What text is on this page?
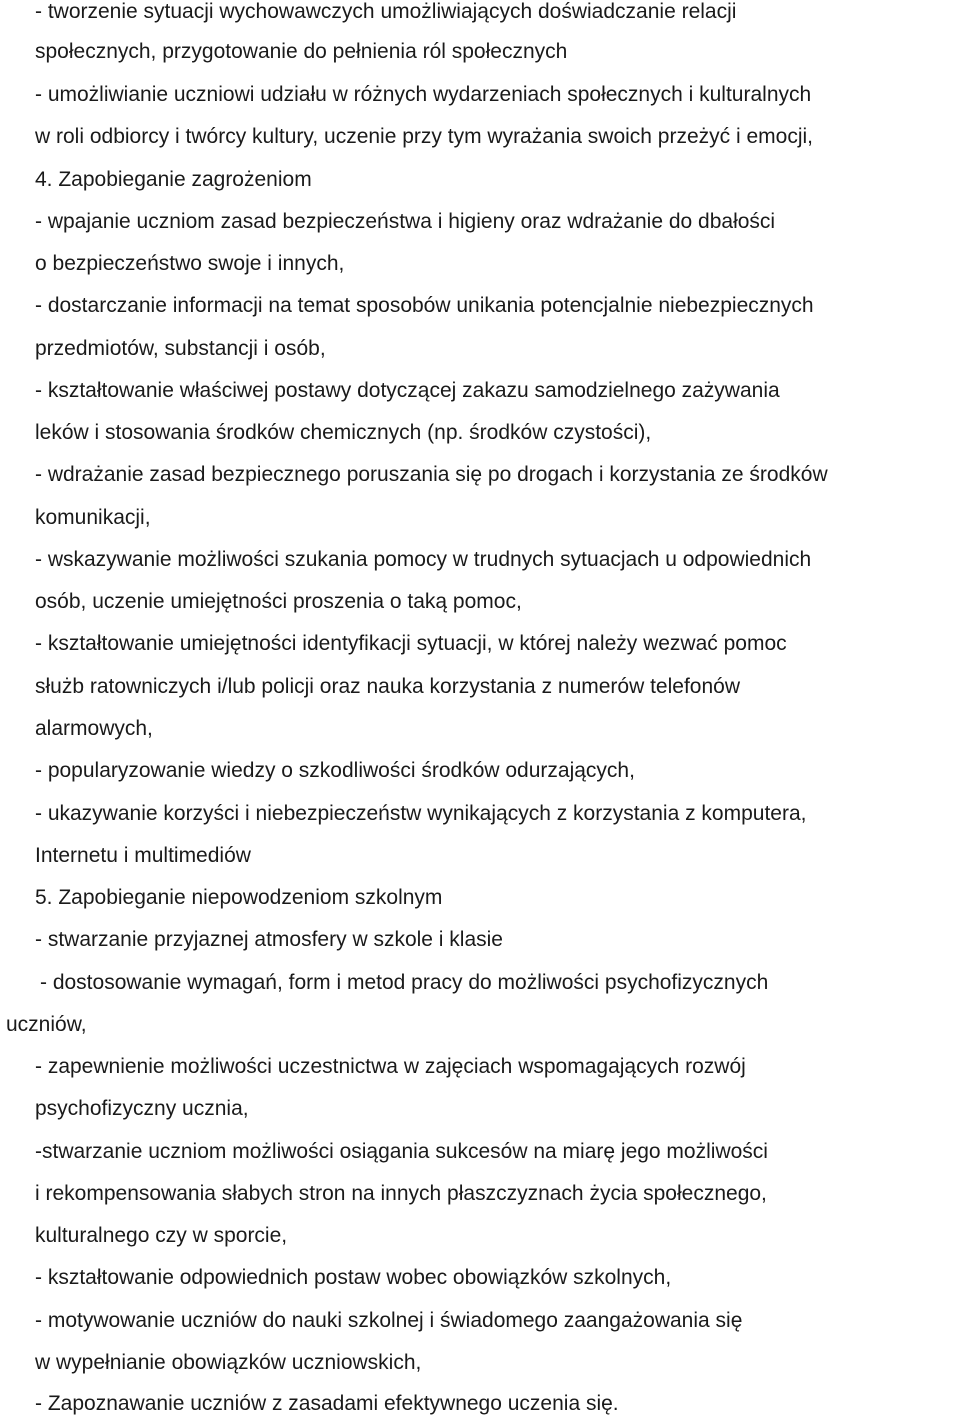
- tworzenie sytuacji wychowawczych umożliwiających doświadczanie relacji
społecznych, przygotowanie do pełnienia ról społecznych
- umożliwianie uczniowi udziału w różnych wydarzeniach społecznych i kulturalnych
w roli odbiorcy i twórcy kultury, uczenie przy tym wyrażania swoich przeżyć i emocji,
4. Zapobieganie zagrożeniom
- wpajanie uczniom zasad bezpieczeństwa i higieny oraz wdrażanie do dbałości
o bezpieczeństwo swoje i innych,
- dostarczanie informacji na temat sposobów unikania potencjalnie niebezpiecznych
przedmiotów, substancji i osób,
- kształtowanie właściwej postawy dotyczącej zakazu samodzielnego zażywania
leków i stosowania środków chemicznych (np. środków czystości),
- wdrażanie zasad bezpiecznego poruszania się po drogach i korzystania ze środków
komunikacji,
- wskazywanie możliwości szukania pomocy w trudnych sytuacjach u odpowiednich
osób, uczenie umiejętności proszenia o taką pomoc,
- kształtowanie umiejętności identyfikacji sytuacji, w której należy wezwać pomoc
służb ratowniczych i/lub policji oraz nauka korzystania z numerów telefonów
alarmowych,
- popularyzowanie wiedzy o szkodliwości środków odurzających,
- ukazywanie korzyści i niebezpieczeństw wynikających z korzystania z komputera,
Internetu i multimediów
5. Zapobieganie niepowodzeniom szkolnym
- stwarzanie przyjaznej atmosfery w szkole i klasie
- dostosowanie wymagań, form i metod pracy do możliwości psychofizycznych
uczniów,
- zapewnienie możliwości uczestnictwa w zajęciach wspomagających rozwój
psychofizyczny ucznia,
-stwarzanie uczniom możliwości osiągania sukcesów na miarę jego możliwości
i rekompensowania słabych stron na innych płaszczyznach życia społecznego,
kulturalnego czy w sporcie,
- kształtowanie odpowiednich postaw wobec obowiązków szkolnych,
- motywowanie uczniów do nauki szkolnej i świadomego zaangażowania się
w wypełnianie obowiązków uczniowskich,
- Zapoznawanie uczniów z zasadami efektywnego uczenia się.
